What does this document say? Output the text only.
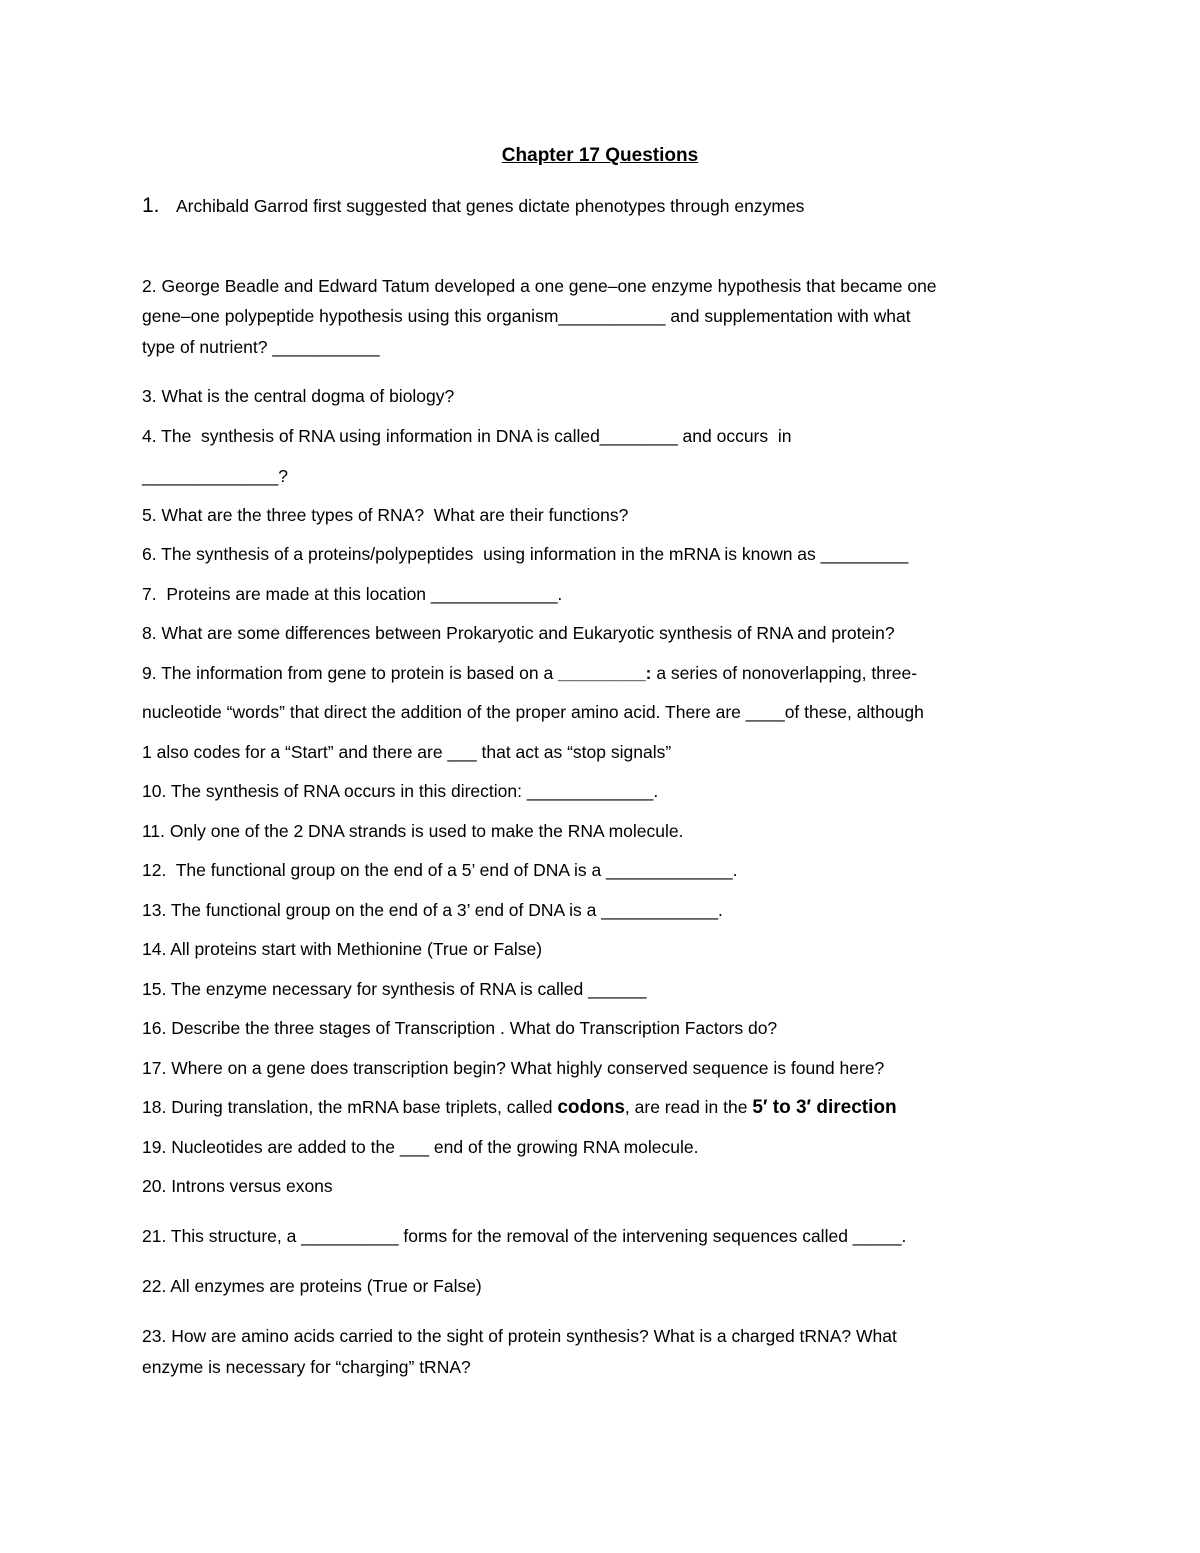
Chapter 17 Questions
1. Archibald Garrod first suggested that genes dictate phenotypes through enzymes
2. George Beadle and Edward Tatum developed a one gene–one enzyme hypothesis that became one
gene–one polypeptide hypothesis using this organism___________ and supplementation with what
type of nutrient? ___________
3. What is the central dogma of biology?
4. The  synthesis of RNA using information in DNA is called________ and occurs  in
______________?
5. What are the three types of RNA?  What are their functions?
6. The synthesis of a proteins/polypeptides  using information in the mRNA is known as _________
7.  Proteins are made at this location _____________.
8. What are some differences between Prokaryotic and Eukaryotic synthesis of RNA and protein?
9. The information from gene to protein is based on a _________: a series of nonoverlapping, three-
nucleotide “words” that direct the addition of the proper amino acid. There are ____of these, although
1 also codes for a “Start” and there are ___ that act as “stop signals”
10. The synthesis of RNA occurs in this direction: _____________.
11. Only one of the 2 DNA strands is used to make the RNA molecule.
12.  The functional group on the end of a 5’ end of DNA is a _____________.
13. The functional group on the end of a 3’ end of DNA is a ____________.
14. All proteins start with Methionine (True or False)
15. The enzyme necessary for synthesis of RNA is called ______
16. Describe the three stages of Transcription . What do Transcription Factors do?
17. Where on a gene does transcription begin? What highly conserved sequence is found here?
18. During translation, the mRNA base triplets, called codons, are read in the 5′ to 3′ direction
19. Nucleotides are added to the ___ end of the growing RNA molecule.
20. Introns versus exons
21. This structure, a __________ forms for the removal of the intervening sequences called _____.
22. All enzymes are proteins (True or False)
23. How are amino acids carried to the sight of protein synthesis? What is a charged tRNA? What
enzyme is necessary for “charging” tRNA?
